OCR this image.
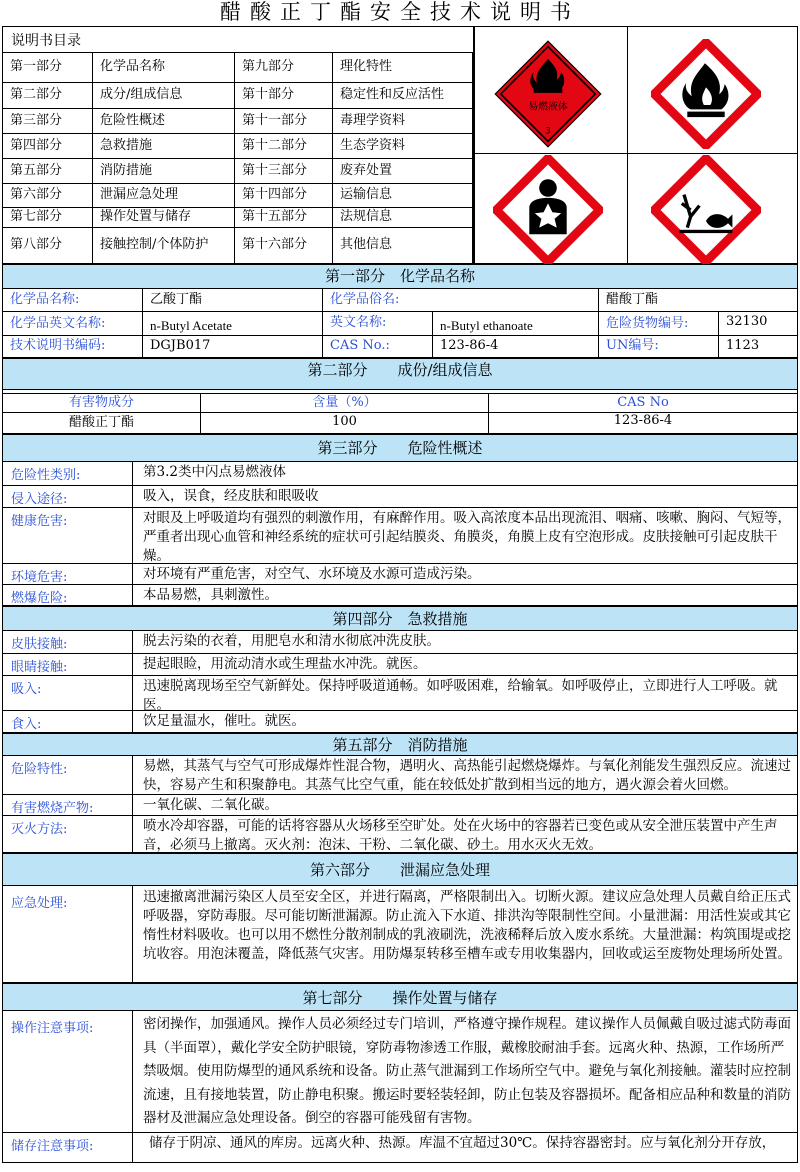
醋酸正丁酯安全技术说明书
说明书目录
第一部分	化学品名称	第九部分	理化特性
第二部分	成分/组成信息	第十部分	稳定性和反应活性
第三部分	危险性概述	第十一部分	毒理学资料
第四部分	急救措施	第十二部分	生态学资料
第五部分	消防措施	第十三部分	废弃处置
第六部分	泄漏应急处理	第十四部分	运输信息
第七部分	操作处置与储存	第十五部分	法规信息
第八部分	接触控制/个体防护	第十六部分	其他信息
易燃液体
3
第一部分　化学品名称
化学品名称:	乙酸丁酯	化学品俗名:	醋酸丁酯
化学品英文名称:	n-Butyl Acetate	英文名称:	n-Butyl ethanoate	危险货物编号:	32130
技术说明书编码:	DGJB017	CAS No.:	123-86-4	UN编号:	1123
第二部分　　成份/组成信息
有害物成分	含量（%）	CAS No
醋酸正丁酯	100	123-86-4
第三部分　　危险性概述
危险性类别:	第3.2类中闪点易燃液体
侵入途径:	吸入，误食，经皮肤和眼吸收
健康危害:	对眼及上呼吸道均有强烈的刺激作用，有麻醉作用。吸入高浓度本品出现流泪、咽痛、咳嗽、胸闷、气短等，严重者出现心血管和神经系统的症状可引起结膜炎、角膜炎，角膜上皮有空泡形成。皮肤接触可引起皮肤干燥。
环境危害:	对环境有严重危害，对空气、水环境及水源可造成污染。
燃爆危险:	本品易燃，具刺激性。
第四部分　急救措施
皮肤接触:	脱去污染的衣着，用肥皂水和清水彻底冲洗皮肤。
眼睛接触:	提起眼睑，用流动清水或生理盐水冲洗。就医。
吸入:	迅速脱离现场至空气新鲜处。保持呼吸道通畅。如呼吸困难，给输氧。如呼吸停止，立即进行人工呼吸。就医。
食入:	饮足量温水，催吐。就医。
第五部分　消防措施
危险特性:	易燃，其蒸气与空气可形成爆炸性混合物，遇明火、高热能引起燃烧爆炸。与氧化剂能发生强烈反应。流速过快，容易产生和积聚静电。其蒸气比空气重，能在较低处扩散到相当远的地方，遇火源会着火回燃。
有害燃烧产物:	一氧化碳、二氧化碳。
灭火方法:	喷水冷却容器，可能的话将容器从火场移至空旷处。处在火场中的容器若已变色或从安全泄压装置中产生声音，必须马上撤离。灭火剂：泡沫、干粉、二氧化碳、砂土。用水灭火无效。
第六部分　　泄漏应急处理
应急处理:	迅速撤离泄漏污染区人员至安全区，并进行隔离，严格限制出入。切断火源。建议应急处理人员戴自给正压式呼吸器，穿防毒服。尽可能切断泄漏源。防止流入下水道、排洪沟等限制性空间。小量泄漏：用活性炭或其它惰性材料吸收。也可以用不燃性分散剂制成的乳液刷洗，洗液稀释后放入废水系统。大量泄漏：构筑围堤或挖坑收容。用泡沫覆盖，降低蒸气灾害。用防爆泵转移至槽车或专用收集器内，回收或运至废物处理场所处置。
第七部分　　操作处置与储存
操作注意事项:	密闭操作，加强通风。操作人员必须经过专门培训，严格遵守操作规程。建议操作人员佩戴自吸过滤式防毒面具（半面罩），戴化学安全防护眼镜，穿防毒物渗透工作服，戴橡胶耐油手套。远离火种、热源，工作场所严禁吸烟。使用防爆型的通风系统和设备。防止蒸气泄漏到工作场所空气中。避免与氧化剂接触。灌装时应控制流速，且有接地装置，防止静电积聚。搬运时要轻装轻卸，防止包装及容器损坏。配备相应品种和数量的消防器材及泄漏应急处理设备。倒空的容器可能残留有害物。
储存注意事项:	储存于阴凉、通风的库房。远离火种、热源。库温不宜超过30℃。保持容器密封。应与氧化剂分开存放，
